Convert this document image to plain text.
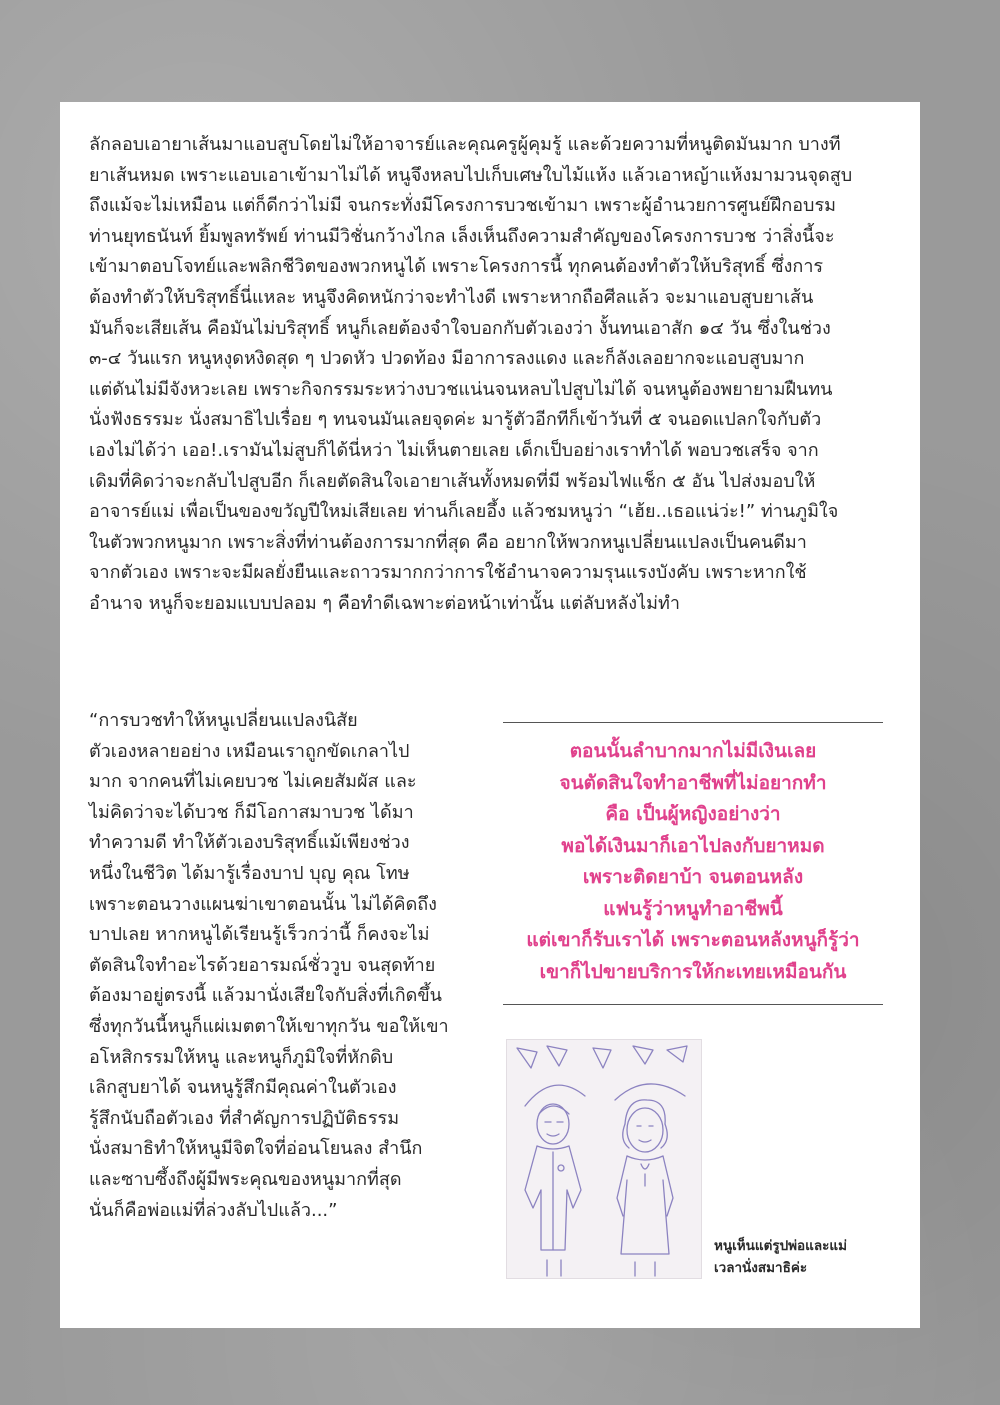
ลักลอบเอายาเส้นมาแอบสูบโดยไม่ให้อาจารย์และคุณครูผู้คุมรู้ และด้วยความที่หนูติดมันมาก บางที
ยาเส้นหมด เพราะแอบเอาเข้ามาไม่ได้ หนูจึงหลบไปเก็บเศษใบไม้แห้ง แล้วเอาหญ้าแห้งมามวนจุดสูบ
ถึงแม้จะไม่เหมือน แต่ก็ดีกว่าไม่มี จนกระทั่งมีโครงการบวชเข้ามา เพราะผู้อำนวยการศูนย์ฝึกอบรม
ท่านยุทธนันท์ ยิ้มพูลทรัพย์ ท่านมีวิชั่นกว้างไกล เล็งเห็นถึงความสำคัญของโครงการบวช ว่าสิ่งนี้จะ
เข้ามาตอบโจทย์และพลิกชีวิตของพวกหนูได้ เพราะโครงการนี้ ทุกคนต้องทำตัวให้บริสุทธิ์ ซึ่งการ
ต้องทำตัวให้บริสุทธิ์นี่แหละ หนูจึงคิดหนักว่าจะทำไงดี เพราะหากถือศีลแล้ว จะมาแอบสูบยาเส้น
มันก็จะเสียเส้น คือมันไม่บริสุทธิ์ หนูก็เลยต้องจำใจบอกกับตัวเองว่า งั้นทนเอาสัก ๑๔ วัน ซึ่งในช่วง
๓-๔ วันแรก หนูหงุดหงิดสุด ๆ ปวดหัว ปวดท้อง มีอาการลงแดง และก็ลังเลอยากจะแอบสูบมาก
แต่ดันไม่มีจังหวะเลย เพราะกิจกรรมระหว่างบวชแน่นจนหลบไปสูบไม่ได้ จนหนูต้องพยายามฝืนทน
นั่งฟังธรรมะ นั่งสมาธิไปเรื่อย ๆ ทนจนมันเลยจุดค่ะ มารู้ตัวอีกทีก็เข้าวันที่ ๕ จนอดแปลกใจกับตัว
เองไม่ได้ว่า เออ!.เรามันไม่สูบก็ได้นี่หว่า ไม่เห็นตายเลย เด็กเป็บอย่างเราทำได้ พอบวชเสร็จ จาก
เดิมที่คิดว่าจะกลับไปสูบอีก ก็เลยตัดสินใจเอายาเส้นทั้งหมดที่มี พร้อมไฟแช็ก ๕ อัน ไปส่งมอบให้
อาจารย์แม่ เพื่อเป็นของขวัญปีใหม่เสียเลย ท่านก็เลยอึ้ง แล้วชมหนูว่า “เฮ้ย..เธอแน่ว่ะ!” ท่านภูมิใจ
ในตัวพวกหนูมาก เพราะสิ่งที่ท่านต้องการมากที่สุด คือ อยากให้พวกหนูเปลี่ยนแปลงเป็นคนดีมา
จากตัวเอง เพราะจะมีผลยั่งยืนและถาวรมากกว่าการใช้อำนาจความรุนแรงบังคับ เพราะหากใช้
อำนาจ หนูก็จะยอมแบบปลอม ๆ คือทำดีเฉพาะต่อหน้าเท่านั้น แต่ลับหลังไม่ทำ

“การบวชทำให้หนูเปลี่ยนแปลงนิสัย
ตัวเองหลายอย่าง เหมือนเราถูกขัดเกลาไป
มาก จากคนที่ไม่เคยบวช ไม่เคยสัมผัส และ
ไม่คิดว่าจะได้บวช ก็มีโอกาสมาบวช ได้มา
ทำความดี ทำให้ตัวเองบริสุทธิ์แม้เพียงช่วง
หนึ่งในชีวิต ได้มารู้เรื่องบาป บุญ คุณ โทษ
เพราะตอนวางแผนฆ่าเขาตอนนั้น ไม่ได้คิดถึง
บาปเลย หากหนูได้เรียนรู้เร็วกว่านี้ ก็คงจะไม่
ตัดสินใจทำอะไรด้วยอารมณ์ชั่ววูบ จนสุดท้าย
ต้องมาอยู่ตรงนี้ แล้วมานั่งเสียใจกับสิ่งที่เกิดขึ้น
ซึ่งทุกวันนี้หนูก็แผ่เมตตาให้เขาทุกวัน ขอให้เขา
อโหสิกรรมให้หนู และหนูก็ภูมิใจที่หักดิบ
เลิกสูบยาได้ จนหนูรู้สึกมีคุณค่าในตัวเอง
รู้สึกนับถือตัวเอง ที่สำคัญการปฏิบัติธรรม
นั่งสมาธิทำให้หนูมีจิตใจที่อ่อนโยนลง สำนึก
และซาบซึ้งถึงผู้มีพระคุณของหนูมากที่สุด
นั่นก็คือพ่อแม่ที่ล่วงลับไปแล้ว...”

ตอนนั้นลำบากมากไม่มีเงินเลย
จนตัดสินใจทำอาชีพที่ไม่อยากทำ
คือ เป็นผู้หญิงอย่างว่า
พอได้เงินมาก็เอาไปลงกับยาหมด
เพราะติดยาบ้า จนตอนหลัง
แฟนรู้ว่าหนูทำอาชีพนี้
แต่เขาก็รับเราได้ เพราะตอนหลังหนูก็รู้ว่า
เขาก็ไปขายบริการให้กะเทยเหมือนกัน
หนูเห็นแต่รูปพ่อและแม่
เวลานั่งสมาธิค่ะ
